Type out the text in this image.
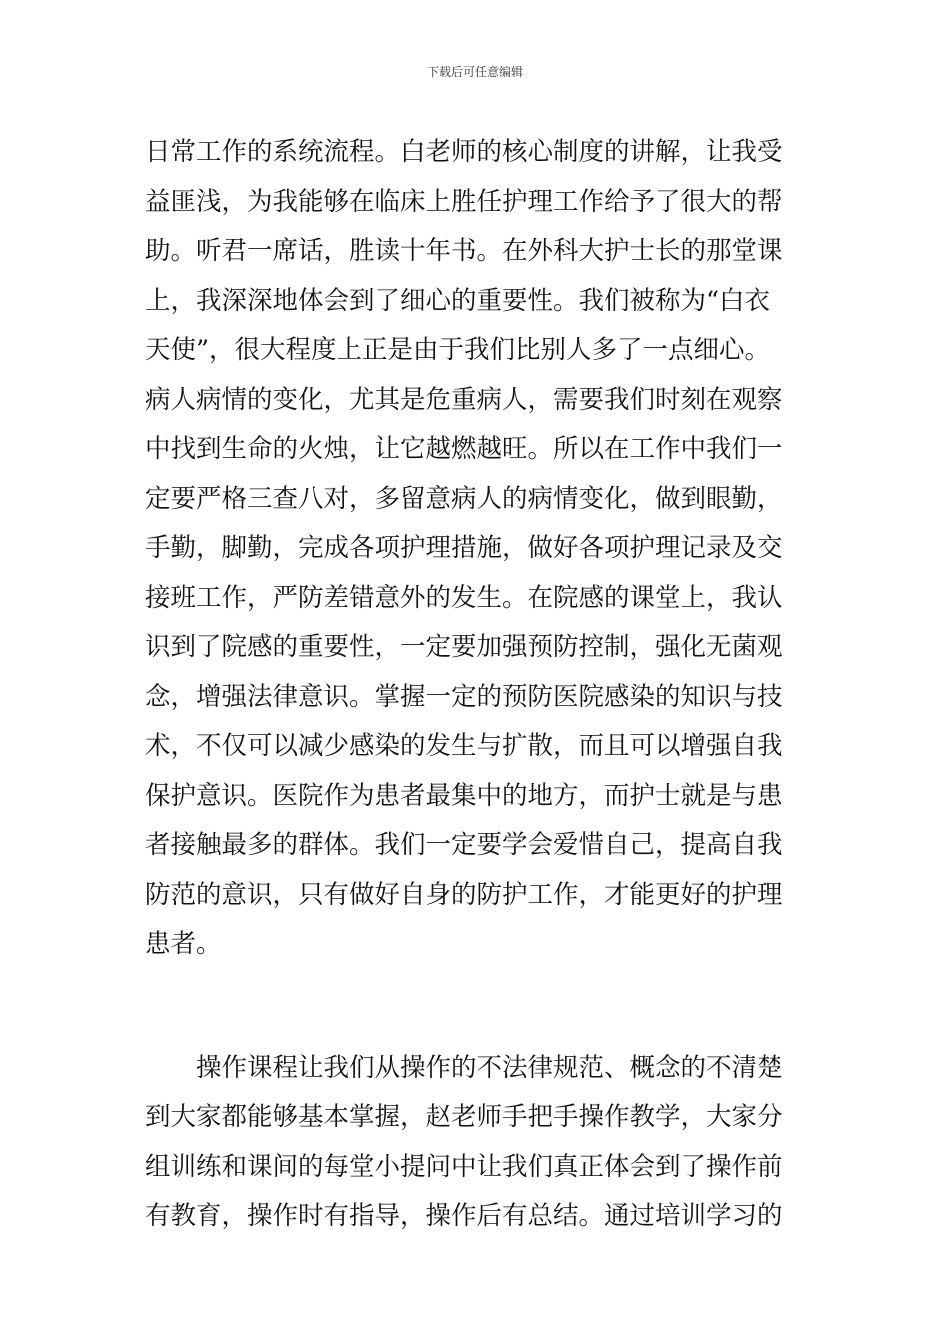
下载后可任意编辑
日常工作的系统流程。白老师的核心制度的讲解，让我受
益匪浅，为我能够在临床上胜任护理工作给予了很大的帮
助。听君一席话，胜读十年书。在外科大护士长的那堂课
上，我深深地体会到了细心的重要性。我们被称为“白衣
天使”，很大程度上正是由于我们比别人多了一点细心。
病人病情的变化，尤其是危重病人，需要我们时刻在观察
中找到生命的火烛，让它越燃越旺。所以在工作中我们一
定要严格三查八对，多留意病人的病情变化，做到眼勤，
手勤，脚勤，完成各项护理措施，做好各项护理记录及交
接班工作，严防差错意外的发生。在院感的课堂上，我认
识到了院感的重要性，一定要加强预防控制，强化无菌观
念，增强法律意识。掌握一定的预防医院感染的知识与技
术，不仅可以减少感染的发生与扩散，而且可以增强自我
保护意识。医院作为患者最集中的地方，而护士就是与患
者接触最多的群体。我们一定要学会爱惜自己，提高自我
防范的意识，只有做好自身的防护工作，才能更好的护理
患者。
操作课程让我们从操作的不法律规范、概念的不清楚
到大家都能够基本掌握，赵老师手把手操作教学，大家分
组训练和课间的每堂小提问中让我们真正体会到了操作前
有教育，操作时有指导，操作后有总结。通过培训学习的
